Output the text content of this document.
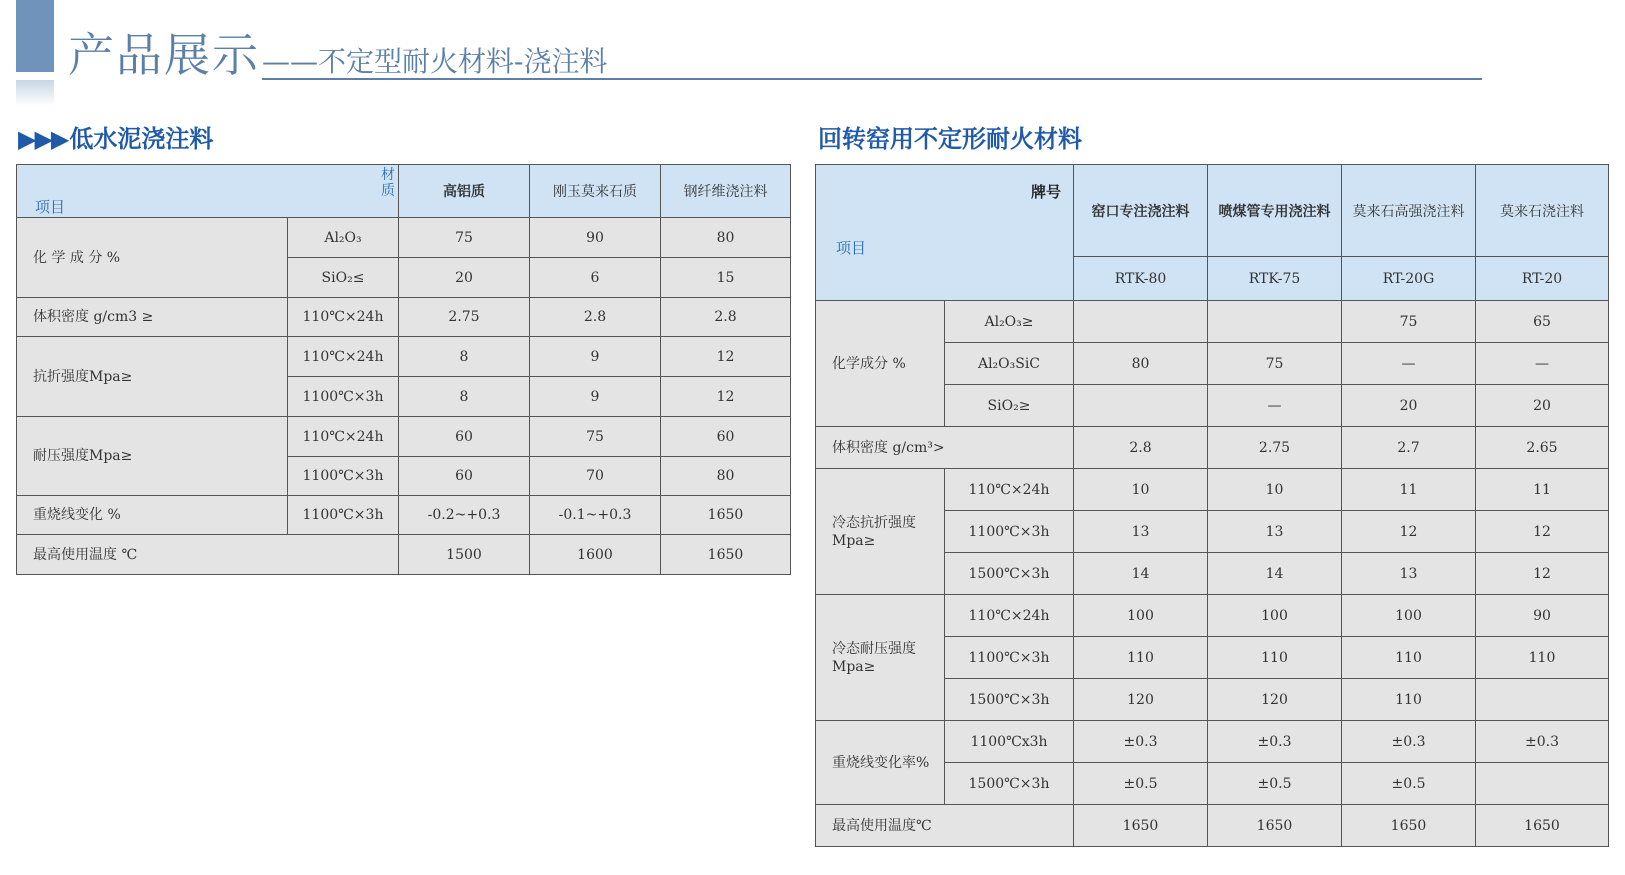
产品展示 ——不定型耐火材料-浇注料
▶▶▶低水泥浇注料
材质
项目		高铝质	刚玉莫来石质	钢纤维浇注料
化 学 成 分 %	Al₂O₃	75	90	80
	SiO₂≤	20	6	15
体积密度 g/cm3 ≥	110℃×24h	2.75	2.8	2.8
抗折强度Mpa≥	110℃×24h	8	9	12
	1100℃×3h	8	9	12
耐压强度Mpa≥	110℃×24h	60	75	60
	1100℃×3h	60	70	80
重烧线变化 %	1100℃×3h	-0.2~+0.3	-0.1~+0.3	1650
最高使用温度 ℃		1500	1600	1650
回转窑用不定形耐火材料
牌号
项目		窑口专注浇注料	喷煤管专用浇注料	莫来石高强浇注料	莫来石浇注料
		RTK-80	RTK-75	RT-20G	RT-20
化学成分 %	Al₂O₃≥			75	65
	Al₂O₃SiC	80	75	—	—
	SiO₂≥		—	20	20
体积密度 g/cm³>		2.8	2.75	2.7	2.65
冷态抗折强度 Mpa≥	110℃×24h	10	10	11	11
	1100℃×3h	13	13	12	12
	1500℃×3h	14	14	13	12
冷态耐压强度 Mpa≥	110℃×24h	100	100	100	90
	1100℃×3h	110	110	110	110
	1500℃×3h	120	120	110	
重烧线变化率%	1100℃x3h	±0.3	±0.3	±0.3	±0.3
	1500℃×3h	±0.5	±0.5	±0.5	
最高使用温度℃		1650	1650	1650	1650
